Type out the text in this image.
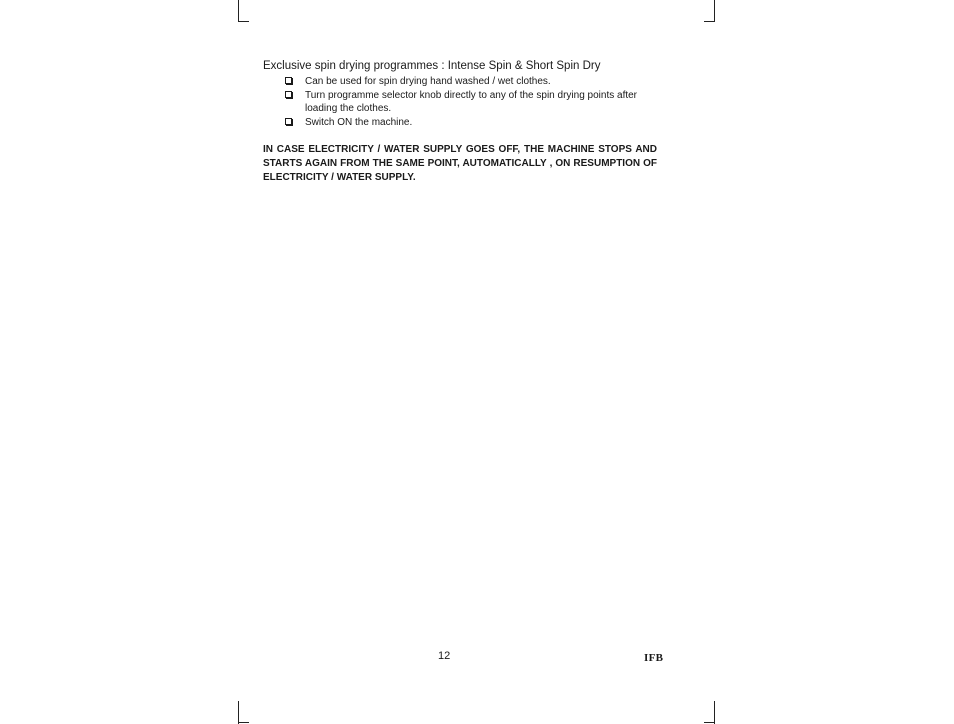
Exclusive spin drying programmes : Intense Spin & Short Spin Dry

Can be used for spin drying hand washed / wet clothes.
Turn programme selector knob directly to any of the spin drying points after loading the clothes.
Switch ON the machine.

IN CASE ELECTRICITY / WATER SUPPLY GOES OFF, THE MACHINE STOPS AND STARTS AGAIN FROM THE SAME POINT, AUTOMATICALLY , ON RESUMPTION OF ELECTRICITY / WATER SUPPLY.

12	IFB
